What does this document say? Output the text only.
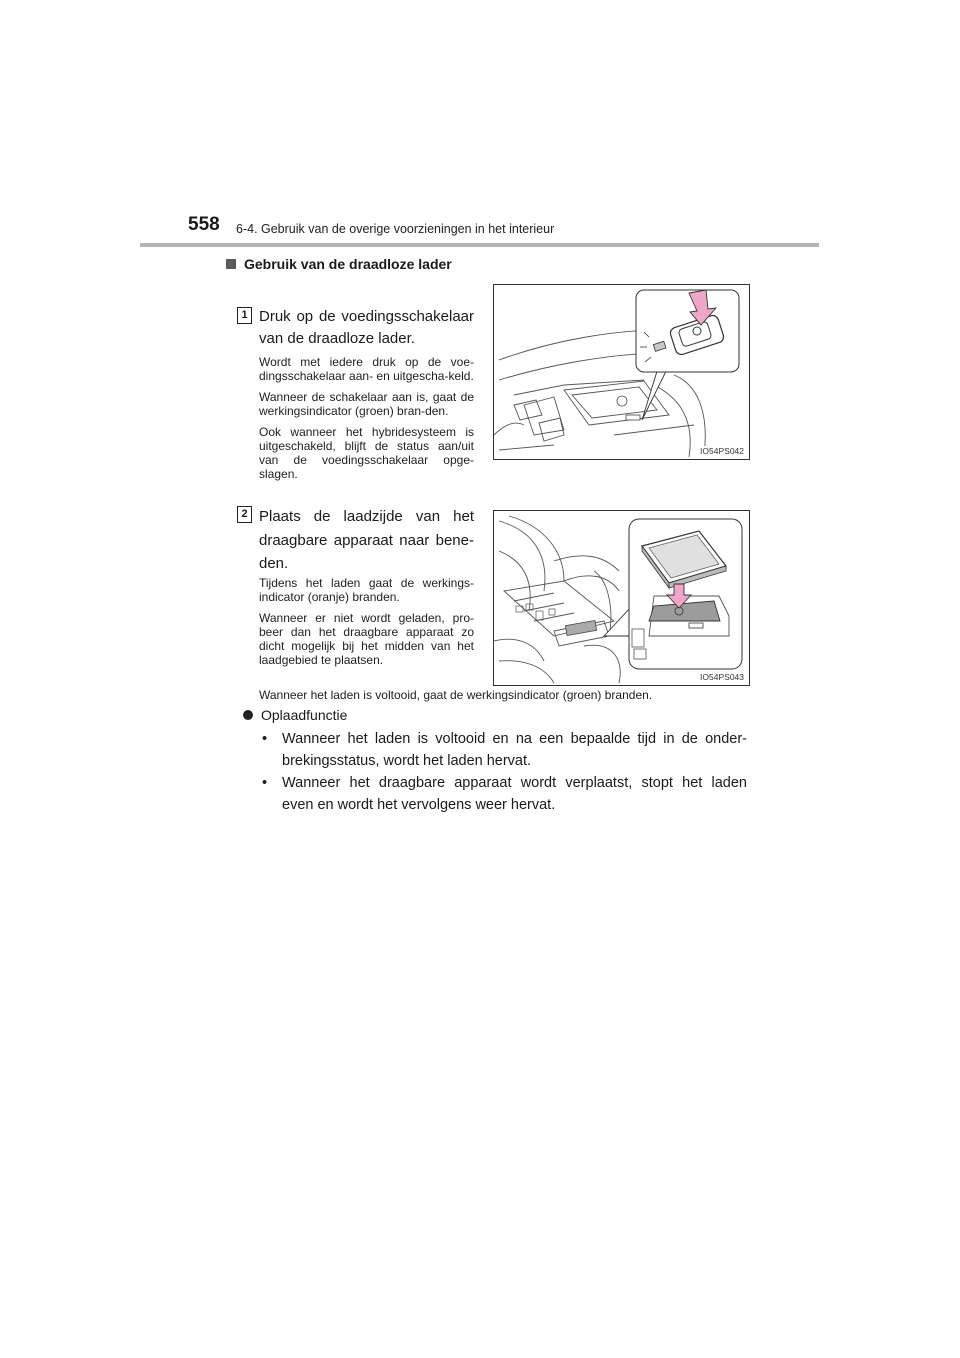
558 6-4. Gebruik van de overige voorzieningen in het interieur
Gebruik van de draadloze lader
1 Druk op de voedingsschakelaar van de draadloze lader.

Wordt met iedere druk op de voe-dingsschakelaar aan- en uitgescha-keld.

Wanneer de schakelaar aan is, gaat de werkingsindicator (groen) bran-den.

Ook wanneer het hybridesysteem is uitgeschakeld, blijft de status aan/uit van de voedingsschakelaar opge-slagen.

IO54PS042
2 Plaats de laadzijde van het draagbare apparaat naar bene-den.

Tijdens het laden gaat de werkings-indicator (oranje) branden.

Wanneer er niet wordt geladen, pro-beer dan het draagbare apparaat zo dicht mogelijk bij het midden van het laadgebied te plaatsen.

IO54PS043
Wanneer het laden is voltooid, gaat de werkingsindicator (groen) branden.
Oplaadfunctie
• Wanneer het laden is voltooid en na een bepaalde tijd in de onder-
brekingsstatus, wordt het laden hervat.
• Wanneer het draagbare apparaat wordt verplaatst, stopt het laden
even en wordt het vervolgens weer hervat.
